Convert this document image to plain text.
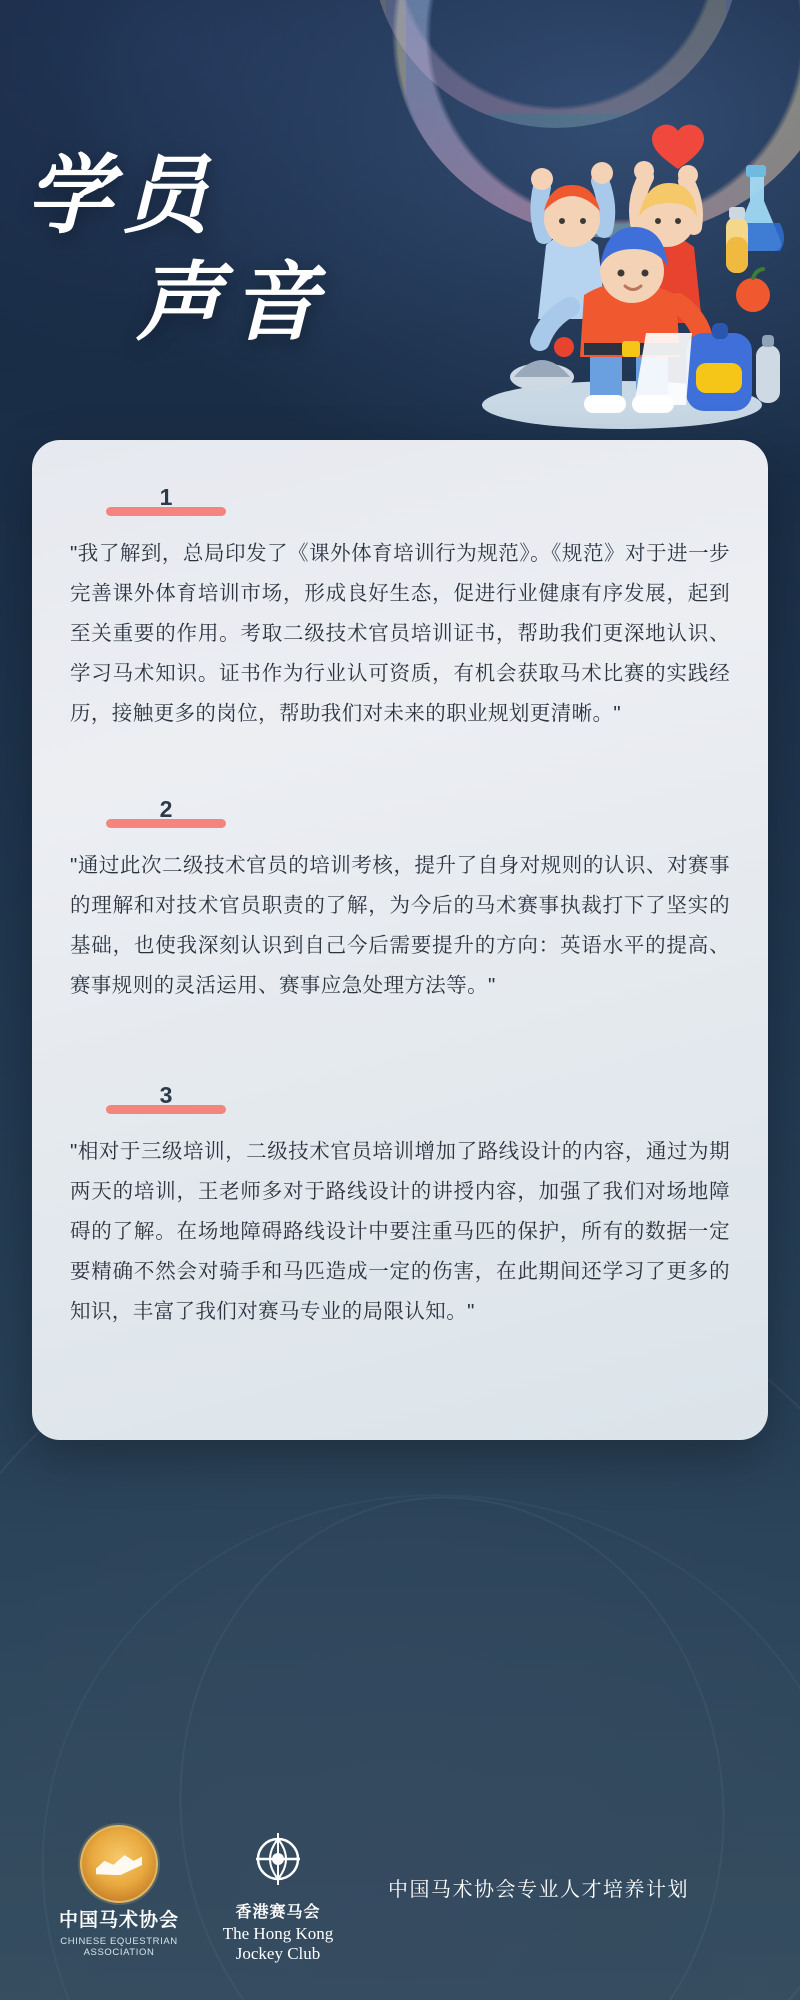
学员
声音
1
"我了解到，总局印发了《课外体育培训行为规范》。《规范》对于进一步完善课外体育培训市场，形成良好生态，促进行业健康有序发展，起到至关重要的作用。考取二级技术官员培训证书，帮助我们更深地认识、学习马术知识。证书作为行业认可资质，有机会获取马术比赛的实践经历，接触更多的岗位，帮助我们对未来的职业规划更清晰。"
2
"通过此次二级技术官员的培训考核，提升了自身对规则的认识、对赛事的理解和对技术官员职责的了解，为今后的马术赛事执裁打下了坚实的基础，也使我深刻认识到自己今后需要提升的方向：英语水平的提高、赛事规则的灵活运用、赛事应急处理方法等。"
3
"相对于三级培训，二级技术官员培训增加了路线设计的内容，通过为期两天的培训，王老师多对于路线设计的讲授内容，加强了我们对场地障碍的了解。在场地障碍路线设计中要注重马匹的保护，所有的数据一定要精确不然会对骑手和马匹造成一定的伤害，在此期间还学习了更多的知识，丰富了我们对赛马专业的局限认知。"
中国马术协会
CHINESE EQUESTRIAN ASSOCIATION
香港赛马会
The Hong Kong
Jockey Club
中国马术协会专业人才培养计划
